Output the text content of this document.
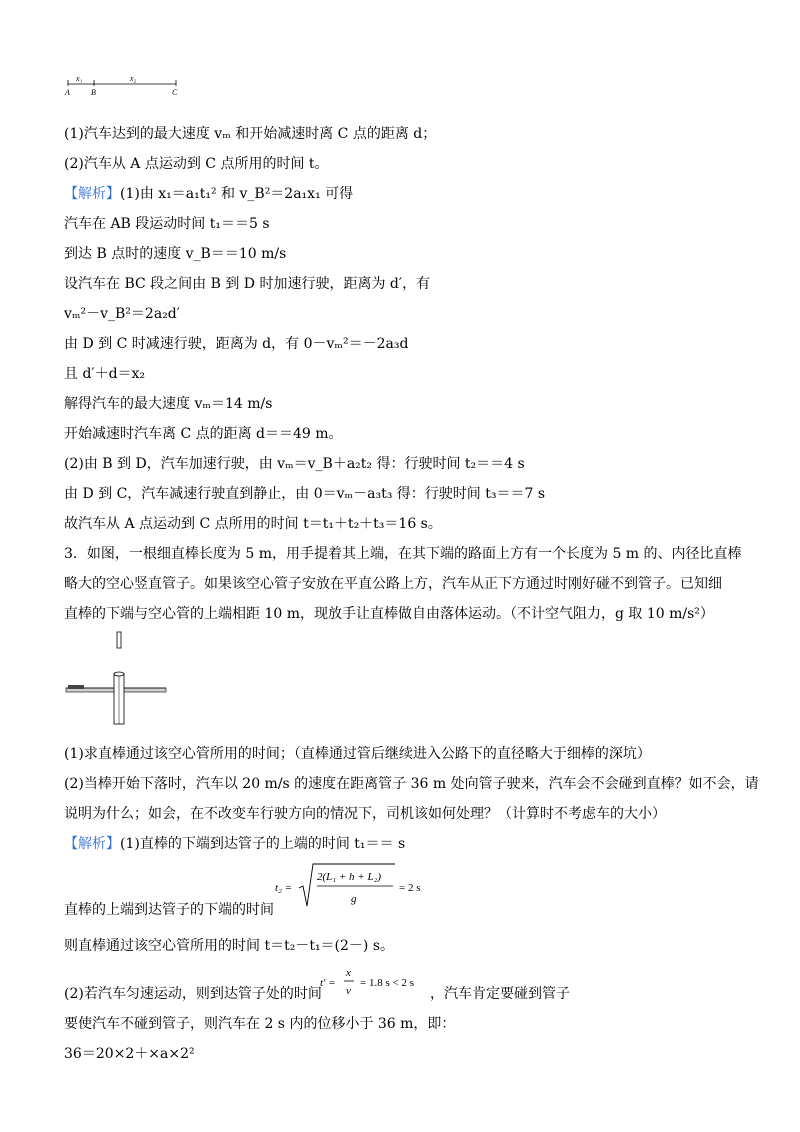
x₁	x₂
A	B	C
(1)汽车达到的最大速度 vₘ 和开始减速时离 C 点的距离 d；
(2)汽车从 A 点运动到 C 点所用的时间 t。
【解析】(1)由 x₁＝a₁t₁² 和 v_B²＝2a₁x₁ 可得
汽车在 AB 段运动时间 t₁＝＝5 s
到达 B 点时的速度 v_B＝＝10 m/s
设汽车在 BC 段之间由 B 到 D 时加速行驶，距离为 d′，有
vₘ²－v_B²＝2a₂d′
由 D 到 C 时减速行驶，距离为 d，有 0－vₘ²＝－2a₃d
且 d′＋d＝x₂
解得汽车的最大速度 vₘ＝14 m/s
开始减速时汽车离 C 点的距离 d＝＝49 m。
(2)由 B 到 D，汽车加速行驶，由 vₘ＝v_B＋a₂t₂ 得：行驶时间 t₂＝＝4 s
由 D 到 C，汽车减速行驶直到静止，由 0＝vₘ－a₃t₃ 得：行驶时间 t₃＝＝7 s
故汽车从 A 点运动到 C 点所用的时间 t＝t₁＋t₂＋t₃＝16 s。
3．如图，一根细直棒长度为 5 m，用手提着其上端，在其下端的路面上方有一个长度为 5 m 的、内径比直棒
略大的空心竖直管子。如果该空心管子安放在平直公路上方，汽车从正下方通过时刚好碰不到管子。已知细
直棒的下端与空心管的上端相距 10 m，现放手让直棒做自由落体运动。（不计空气阻力，g 取 10 m/s²）
(1)求直棒通过该空心管所用的时间；（直棒通过管后继续进入公路下的直径略大于细棒的深坑）
(2)当棒开始下落时，汽车以 20 m/s 的速度在距离管子 36 m 处向管子驶来，汽车会不会碰到直棒？如不会，请
说明为什么；如会，在不改变车行驶方向的情况下，司机该如何处理？（计算时不考虑车的大小）
【解析】(1)直棒的下端到达管子的上端的时间 t₁＝＝ s
t₂ =
2(L₁ + h + L₂)
g
= 2 s
直棒的上端到达管子的下端的时间
则直棒通过该空心管所用的时间 t＝t₂－t₁＝(2－) s。
t′ =
x
v
= 1.8 s < 2 s
(2)若汽车匀速运动，则到达管子处的时间	，汽车肯定要碰到管子
要使汽车不碰到管子，则汽车在 2 s 内的位移小于 36 m，即：
36＝20×2＋×a×2²
